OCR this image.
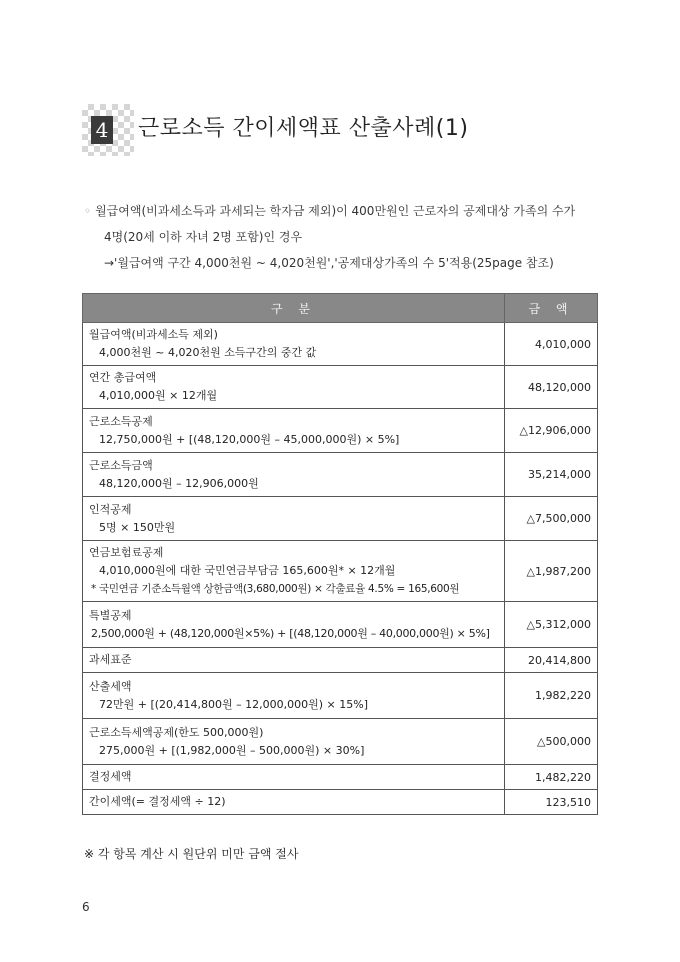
4 근로소득 간이세액표 산출사례(1)
◦ 월급여액(비과세소득과 과세되는 학자금 제외)이 400만원인 근로자의 공제대상 가족의 수가
4명(20세 이하 자녀 2명 포함)인 경우
→'월급여액 구간 4,000천원 ~ 4,020천원','공제대상가족의 수 5'적용(25page 참조)
구 분	금 액

월급여액(비과세소득 제외)
4,000천원 ~ 4,020천원 소득구간의 중간 값	4,010,000

연간 총급여액
4,010,000원 × 12개월	48,120,000

근로소득공제
12,750,000원 + [(48,120,000원 – 45,000,000원) × 5%]	△12,906,000

근로소득금액
48,120,000원 – 12,906,000원	35,214,000

인적공제
5명 × 150만원	△7,500,000

연금보험료공제
4,010,000원에 대한 국민연금부담금 165,600원* × 12개월
* 국민연금 기준소득월액 상한금액(3,680,000원) × 각출료율 4.5% = 165,600원	△1,987,200

특별공제
2,500,000원 + (48,120,000원×5%) + [(48,120,000원 – 40,000,000원) × 5%]	△5,312,000

과세표준	20,414,800

산출세액
72만원 + [(20,414,800원 – 12,000,000원) × 15%]	1,982,220

근로소득세액공제(한도 500,000원)
275,000원 + [(1,982,000원 – 500,000원) × 30%]	△500,000

결정세액	1,482,220

간이세액(= 결정세액 ÷ 12)	123,510
※ 각 항목 계산 시 원단위 미만 금액 절사
6
